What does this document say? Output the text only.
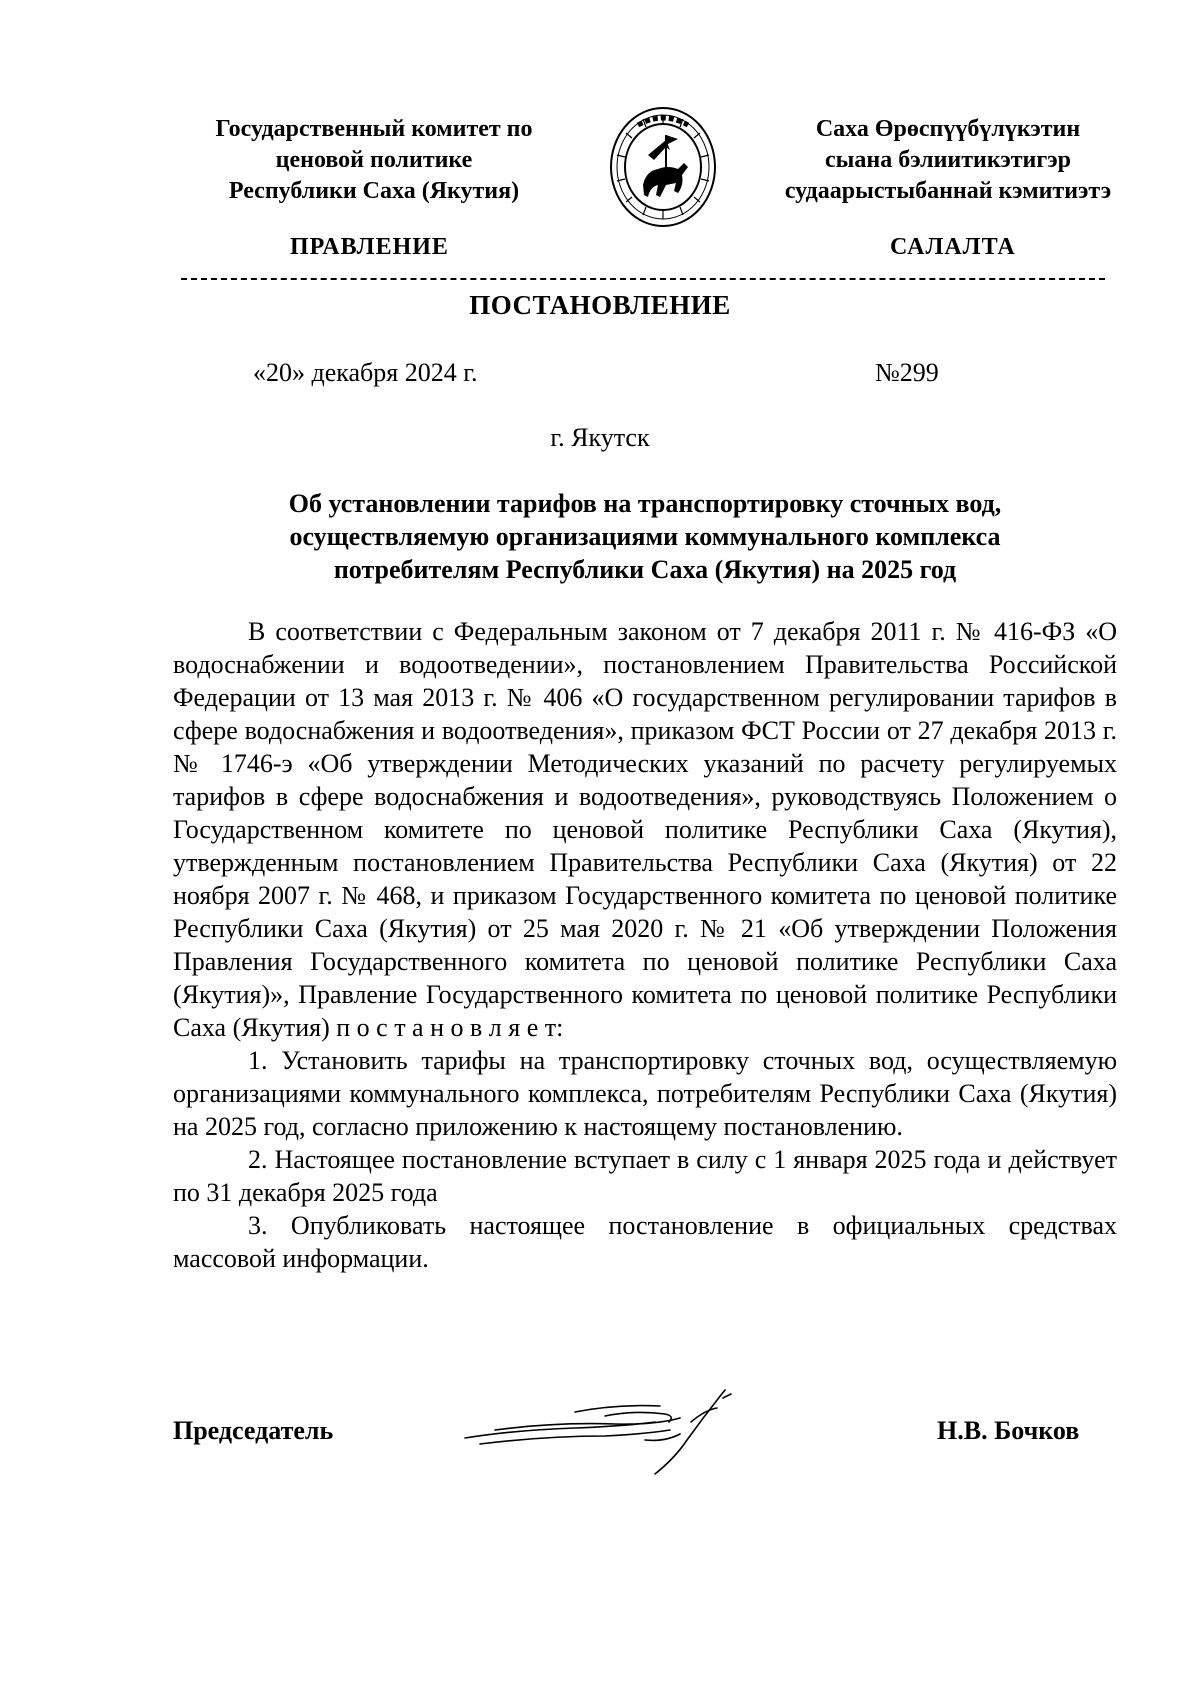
Государственный комитет по
ценовой политике
Республики Саха (Якутия)
Саха Өрөспүүбүлүкэтин
сыана бэлиитикэтигэр
судаарыстыбаннай кэмитиэтэ
ПРАВЛЕНИЕ	САЛАЛТА
ПОСТАНОВЛЕНИЕ
«20» декабря 2024 г.	№299
г. Якутск
Об установлении тарифов на транспортировку сточных вод,
осуществляемую организациями коммунального комплекса
потребителям Республики Саха (Якутия) на 2025 год

В соответствии с Федеральным законом от 7 декабря 2011 г. № 416-ФЗ «О водоснабжении и водоотведении», постановлением Правительства Российской Федерации от 13 мая 2013 г. № 406 «О государственном регулировании тарифов в сфере водоснабжения и водоотведения», приказом ФСТ России от 27 декабря 2013 г. № 1746-э «Об утверждении Методических указаний по расчету регулируемых тарифов в сфере водоснабжения и водоотведения», руководствуясь Положением о Государственном комитете по ценовой политике Республики Саха (Якутия), утвержденным постановлением Правительства Республики Саха (Якутия) от 22 ноября 2007 г. № 468, и приказом Государственного комитета по ценовой политике Республики Саха (Якутия) от 25 мая 2020 г. № 21 «Об утверждении Положения Правления Государственного комитета по ценовой политике Республики Саха (Якутия)», Правление Государственного комитета по ценовой политике Республики Саха (Якутия) п о с т а н о в л я е т:

1. Установить тарифы на транспортировку сточных вод, осуществляемую организациями коммунального комплекса, потребителям Республики Саха (Якутия) на 2025 год, согласно приложению к настоящему постановлению.

2. Настоящее постановление вступает в силу с 1 января 2025 года и действует по 31 декабря 2025 года

3. Опубликовать настоящее постановление в официальных средствах массовой информации.

Председатель	Н.В. Бочков
